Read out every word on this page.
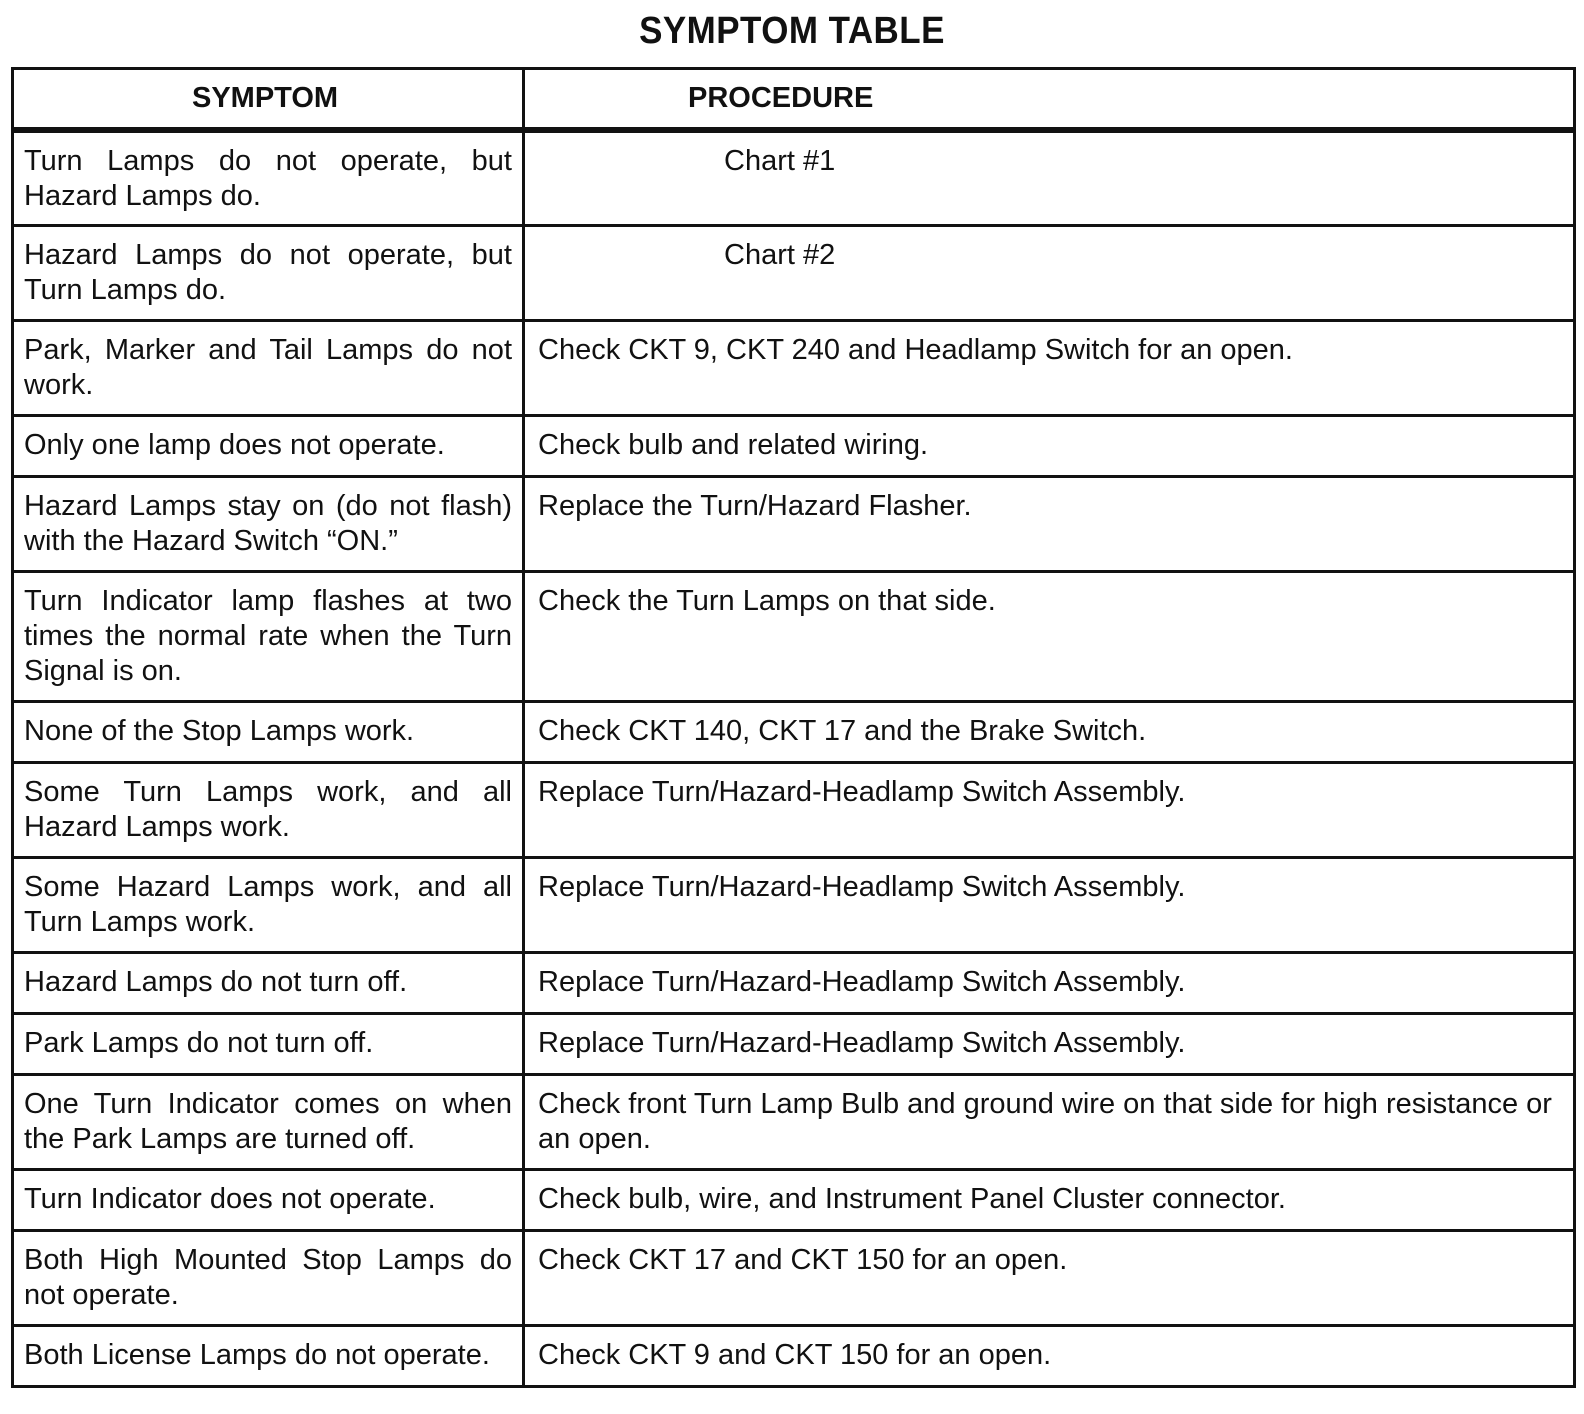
SYMPTOM TABLE
SYMPTOM	PROCEDURE
Turn Lamps do not operate, but Hazard Lamps do.	Chart #1
Hazard Lamps do not operate, but Turn Lamps do.	Chart #2
Park, Marker and Tail Lamps do not work.	Check CKT 9, CKT 240 and Headlamp Switch for an open.
Only one lamp does not operate.	Check bulb and related wiring.
Hazard Lamps stay on (do not flash) with the Hazard Switch “ON.”	Replace the Turn/Hazard Flasher.
Turn Indicator lamp flashes at two times the normal rate when the Turn Signal is on.	Check the Turn Lamps on that side.
None of the Stop Lamps work.	Check CKT 140, CKT 17 and the Brake Switch.
Some Turn Lamps work, and all Hazard Lamps work.	Replace Turn/Hazard-Headlamp Switch Assembly.
Some Hazard Lamps work, and all Turn Lamps work.	Replace Turn/Hazard-Headlamp Switch Assembly.
Hazard Lamps do not turn off.	Replace Turn/Hazard-Headlamp Switch Assembly.
Park Lamps do not turn off.	Replace Turn/Hazard-Headlamp Switch Assembly.
One Turn Indicator comes on when the Park Lamps are turned off.	Check front Turn Lamp Bulb and ground wire on that side for high resistance or an open.
Turn Indicator does not operate.	Check bulb, wire, and Instrument Panel Cluster connector.
Both High Mounted Stop Lamps do not operate.	Check CKT 17 and CKT 150 for an open.
Both License Lamps do not operate.	Check CKT 9 and CKT 150 for an open.
